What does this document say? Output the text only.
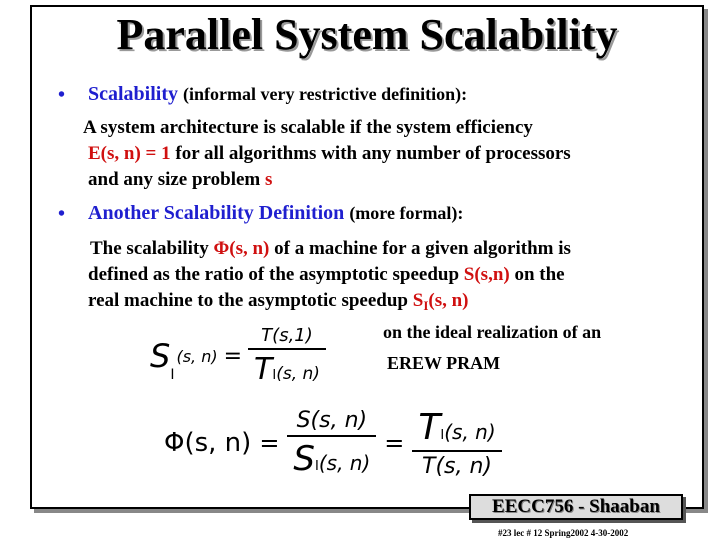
Parallel System Scalability
• Scalability (informal very restrictive definition):
A system architecture is scalable if the system efficiency
E(s, n) = 1 for all algorithms with any number of processors
and any size problem s
• Another Scalability Definition (more formal):
The scalability Φ(s, n) of a machine for a given algorithm is
defined as the ratio of the asymptotic speedup S(s,n) on the
real machine to the asymptotic speedup $S_I(s$, n)
on the ideal realization of an
EREW PRAM
S I
(s, $n) = \frac{T(s,1)}{TI(s, n)}$
Φ(s, $n) = \frac{S(s, n)}{SI(s, n)} = \frac{TI(s, n)}{T(s, n)}$
EECC756 - Shaaban
#23 lec # 12 Spring2002 4-30-2002
